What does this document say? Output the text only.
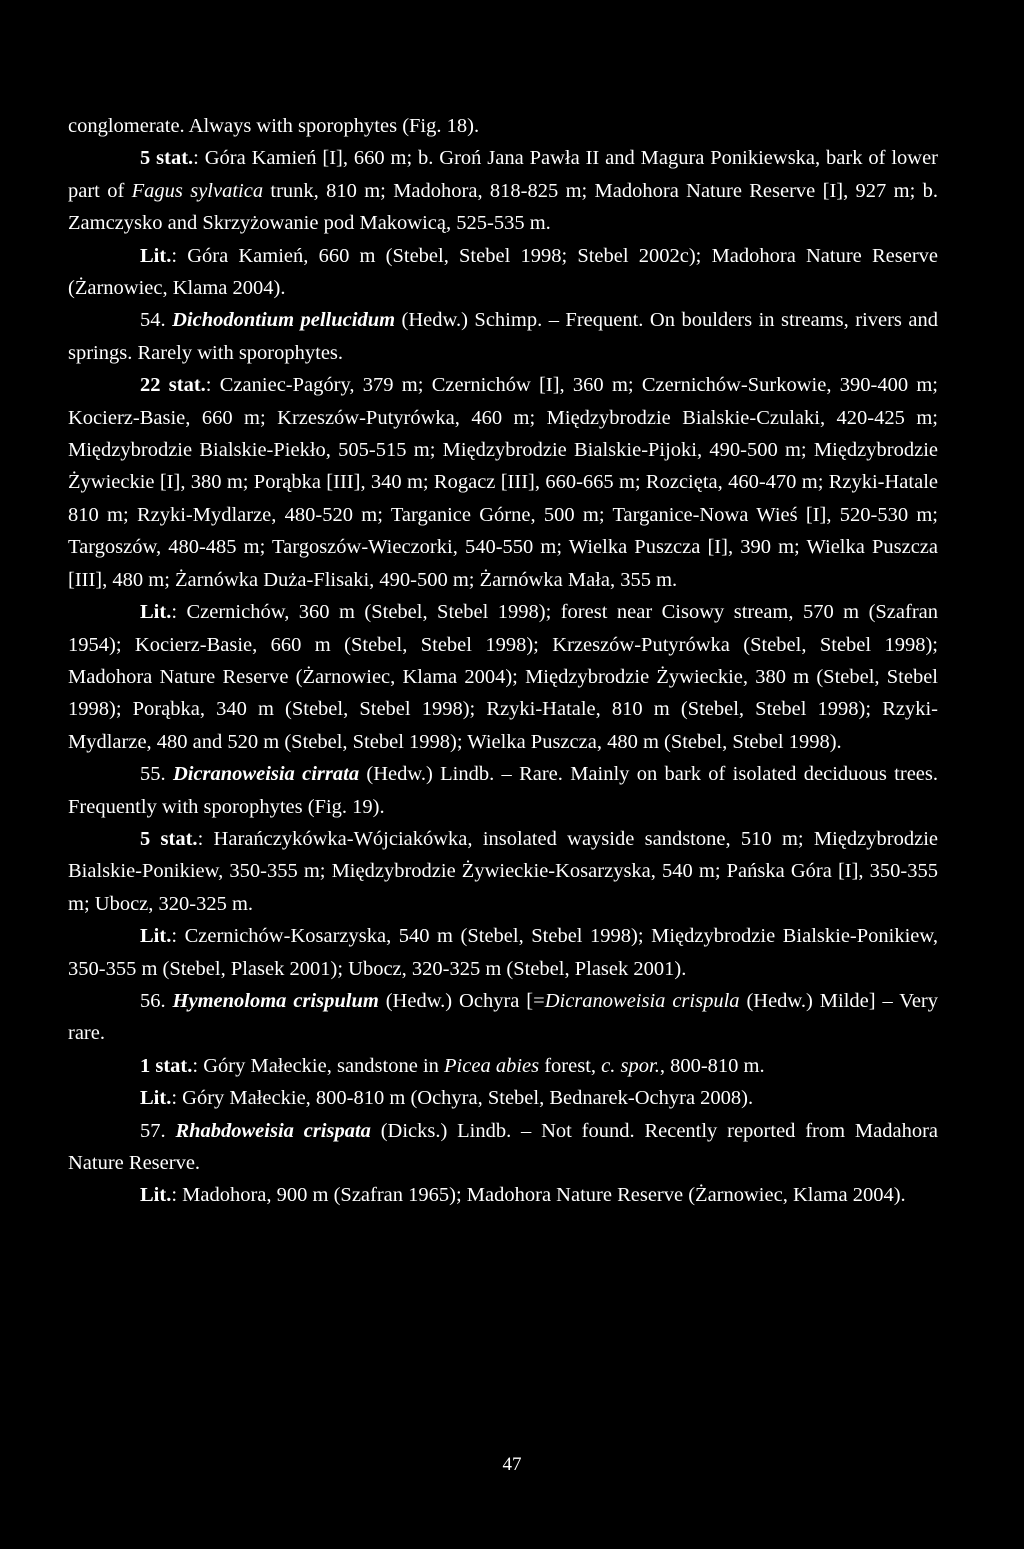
conglomerate. Always with sporophytes (Fig. 18).

5 stat.: Góra Kamień [I], 660 m; b. Groń Jana Pawła II and Magura Ponikiewska, bark of lower part of Fagus sylvatica trunk, 810 m; Madohora, 818-825 m; Madohora Nature Reserve [I], 927 m; b. Zamczysko and Skrzyżowanie pod Makowicą, 525-535 m.

Lit.: Góra Kamień, 660 m (Stebel, Stebel 1998; Stebel 2002c); Madohora Nature Reserve (Żarnowiec, Klama 2004).

54. Dichodontium pellucidum (Hedw.) Schimp. – Frequent. On boulders in streams, rivers and springs. Rarely with sporophytes.

22 stat.: Czaniec-Pagóry, 379 m; Czernichów [I], 360 m; Czernichów-Surkowie, 390-400 m; Kocierz-Basie, 660 m; Krzeszów-Putyrówka, 460 m; Międzybrodzie Bialskie-Czulaki, 420-425 m; Międzybrodzie Bialskie-Piekło, 505-515 m; Międzybrodzie Bialskie-Pijoki, 490-500 m; Międzybrodzie Żywieckie [I], 380 m; Porąbka [III], 340 m; Rogacz [III], 660-665 m; Rozcięta, 460-470 m; Rzyki-Hatale 810 m; Rzyki-Mydlarze, 480-520 m; Targanice Górne, 500 m; Targanice-Nowa Wieś [I], 520-530 m; Targoszów, 480-485 m; Targoszów-Wieczorki, 540-550 m; Wielka Puszcza [I], 390 m; Wielka Puszcza [III], 480 m; Żarnówka Duża-Flisaki, 490-500 m; Żarnówka Mała, 355 m.

Lit.: Czernichów, 360 m (Stebel, Stebel 1998); forest near Cisowy stream, 570 m (Szafran 1954); Kocierz-Basie, 660 m (Stebel, Stebel 1998); Krzeszów-Putyrówka (Stebel, Stebel 1998); Madohora Nature Reserve (Żarnowiec, Klama 2004); Międzybrodzie Żywieckie, 380 m (Stebel, Stebel 1998); Porąbka, 340 m (Stebel, Stebel 1998); Rzyki-Hatale, 810 m (Stebel, Stebel 1998); Rzyki-Mydlarze, 480 and 520 m (Stebel, Stebel 1998); Wielka Puszcza, 480 m (Stebel, Stebel 1998).

55. Dicranoweisia cirrata (Hedw.) Lindb. – Rare. Mainly on bark of isolated deciduous trees. Frequently with sporophytes (Fig. 19).

5 stat.: Harańczykówka-Wójciakówka, insolated wayside sandstone, 510 m; Międzybrodzie Bialskie-Ponikiew, 350-355 m; Międzybrodzie Żywieckie-Kosarzyska, 540 m; Pańska Góra [I], 350-355 m; Ubocz, 320-325 m.

Lit.: Czernichów-Kosarzyska, 540 m (Stebel, Stebel 1998); Międzybrodzie Bialskie-Ponikiew, 350-355 m (Stebel, Plasek 2001); Ubocz, 320-325 m (Stebel, Plasek 2001).

56. Hymenoloma crispulum (Hedw.) Ochyra [=Dicranoweisia crispula (Hedw.) Milde] – Very rare.

1 stat.: Góry Małeckie, sandstone in Picea abies forest, c. spor., 800-810 m.

Lit.: Góry Małeckie, 800-810 m (Ochyra, Stebel, Bednarek-Ochyra 2008).

57. Rhabdoweisia crispata (Dicks.) Lindb. – Not found. Recently reported from Madahora Nature Reserve.

Lit.: Madohora, 900 m (Szafran 1965); Madohora Nature Reserve (Żarnowiec, Klama 2004).

47
